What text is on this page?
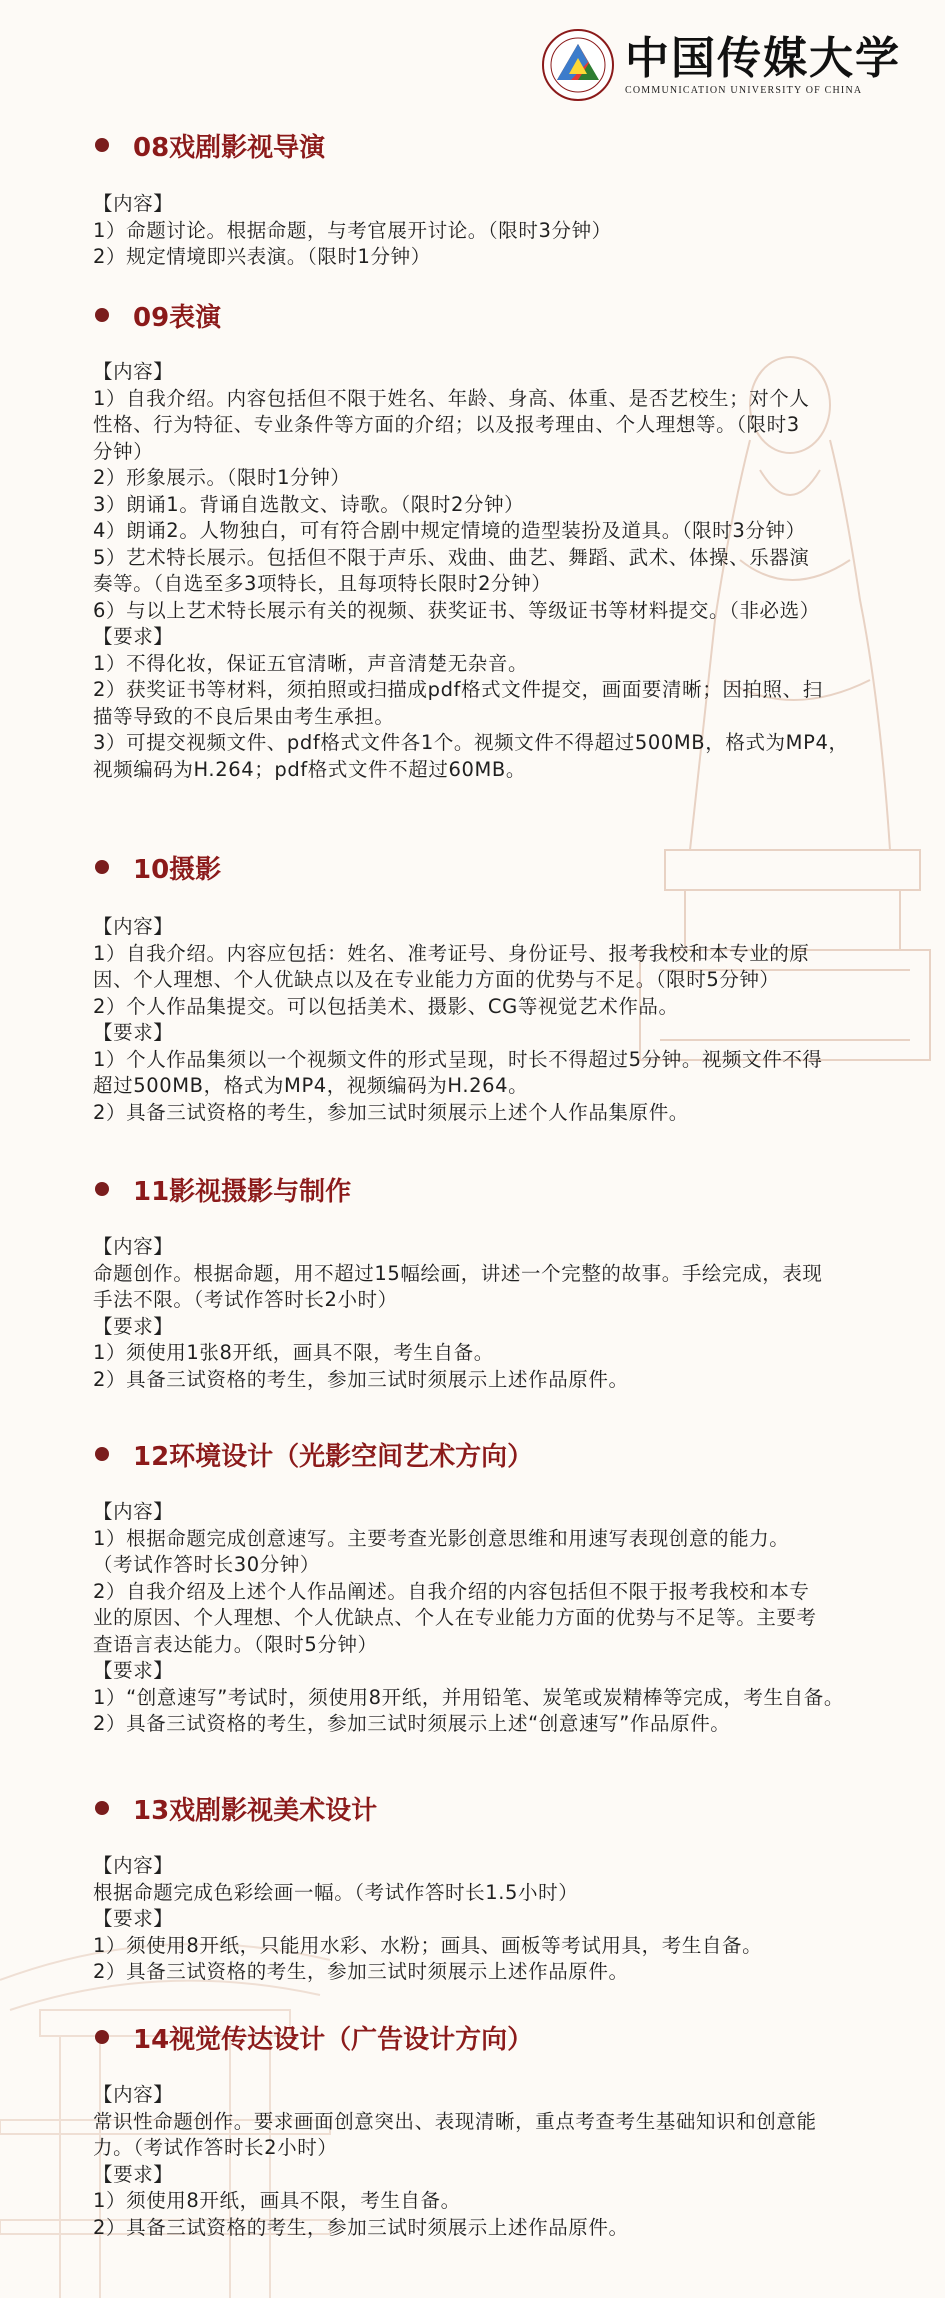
中国传媒大学
COMMUNICATION UNIVERSITY OF CHINA
08戏剧影视导演
【内容】
1）命题讨论。根据命题，与考官展开讨论。（限时3分钟）
2）规定情境即兴表演。（限时1分钟）
09表演
【内容】
1）自我介绍。内容包括但不限于姓名、年龄、身高、体重、是否艺校生；对个人
性格、行为特征、专业条件等方面的介绍；以及报考理由、个人理想等。（限时3
分钟）
2）形象展示。（限时1分钟）
3）朗诵1。背诵自选散文、诗歌。（限时2分钟）
4）朗诵2。人物独白，可有符合剧中规定情境的造型装扮及道具。（限时3分钟）
5）艺术特长展示。包括但不限于声乐、戏曲、曲艺、舞蹈、武术、体操、乐器演
奏等。（自选至多3项特长，且每项特长限时2分钟）
6）与以上艺术特长展示有关的视频、获奖证书、等级证书等材料提交。（非必选）
【要求】
1）不得化妆，保证五官清晰，声音清楚无杂音。
2）获奖证书等材料，须拍照或扫描成pdf格式文件提交，画面要清晰；因拍照、扫
描等导致的不良后果由考生承担。
3）可提交视频文件、pdf格式文件各1个。视频文件不得超过500MB，格式为MP4，
视频编码为H.264；pdf格式文件不超过60MB。
10摄影
【内容】
1）自我介绍。内容应包括：姓名、准考证号、身份证号、报考我校和本专业的原
因、个人理想、个人优缺点以及在专业能力方面的优势与不足。（限时5分钟）
2）个人作品集提交。可以包括美术、摄影、CG等视觉艺术作品。
【要求】
1）个人作品集须以一个视频文件的形式呈现，时长不得超过5分钟。视频文件不得
超过500MB，格式为MP4，视频编码为H.264。
2）具备三试资格的考生，参加三试时须展示上述个人作品集原件。
11影视摄影与制作
【内容】
命题创作。根据命题，用不超过15幅绘画，讲述一个完整的故事。手绘完成，表现
手法不限。（考试作答时长2小时）
【要求】
1）须使用1张8开纸，画具不限，考生自备。
2）具备三试资格的考生，参加三试时须展示上述作品原件。
12环境设计（光影空间艺术方向）
【内容】
1）根据命题完成创意速写。主要考查光影创意思维和用速写表现创意的能力。
（考试作答时长30分钟）
2）自我介绍及上述个人作品阐述。自我介绍的内容包括但不限于报考我校和本专
业的原因、个人理想、个人优缺点、个人在专业能力方面的优势与不足等。主要考
查语言表达能力。（限时5分钟）
【要求】
1）“创意速写”考试时，须使用8开纸，并用铅笔、炭笔或炭精棒等完成，考生自备。
2）具备三试资格的考生，参加三试时须展示上述“创意速写”作品原件。
13戏剧影视美术设计
【内容】
根据命题完成色彩绘画一幅。（考试作答时长1.5小时）
【要求】
1）须使用8开纸，只能用水彩、水粉；画具、画板等考试用具，考生自备。
2）具备三试资格的考生，参加三试时须展示上述作品原件。
14视觉传达设计（广告设计方向）
【内容】
常识性命题创作。要求画面创意突出、表现清晰，重点考查考生基础知识和创意能
力。（考试作答时长2小时）
【要求】
1）须使用8开纸，画具不限，考生自备。
2）具备三试资格的考生，参加三试时须展示上述作品原件。
